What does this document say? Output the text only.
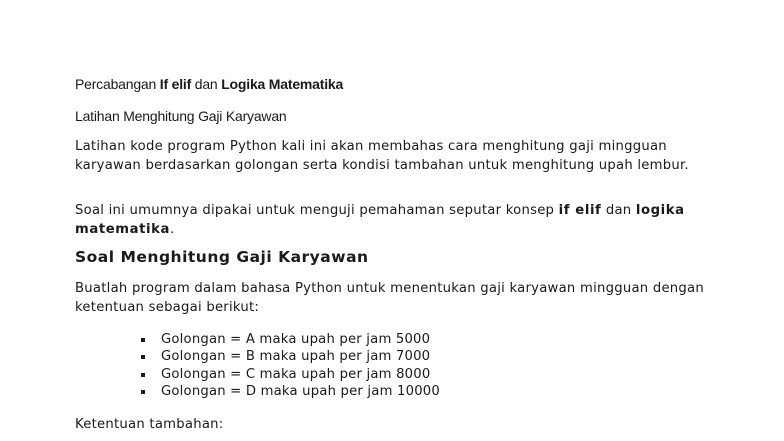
Percabangan If elif dan Logika Matematika
Latihan Menghitung Gaji Karyawan

Latihan kode program Python kali ini akan membahas cara menghitung gaji mingguan karyawan berdasarkan golongan serta kondisi tambahan untuk menghitung upah lembur.

Soal ini umumnya dipakai untuk menguji pemahaman seputar konsep if elif dan logika matematika.

Soal Menghitung Gaji Karyawan

Buatlah program dalam bahasa Python untuk menentukan gaji karyawan mingguan dengan ketentuan sebagai berikut:

Golongan = A maka upah per jam 5000
Golongan = B maka upah per jam 7000
Golongan = C maka upah per jam 8000
Golongan = D maka upah per jam 10000

Ketentuan tambahan:
